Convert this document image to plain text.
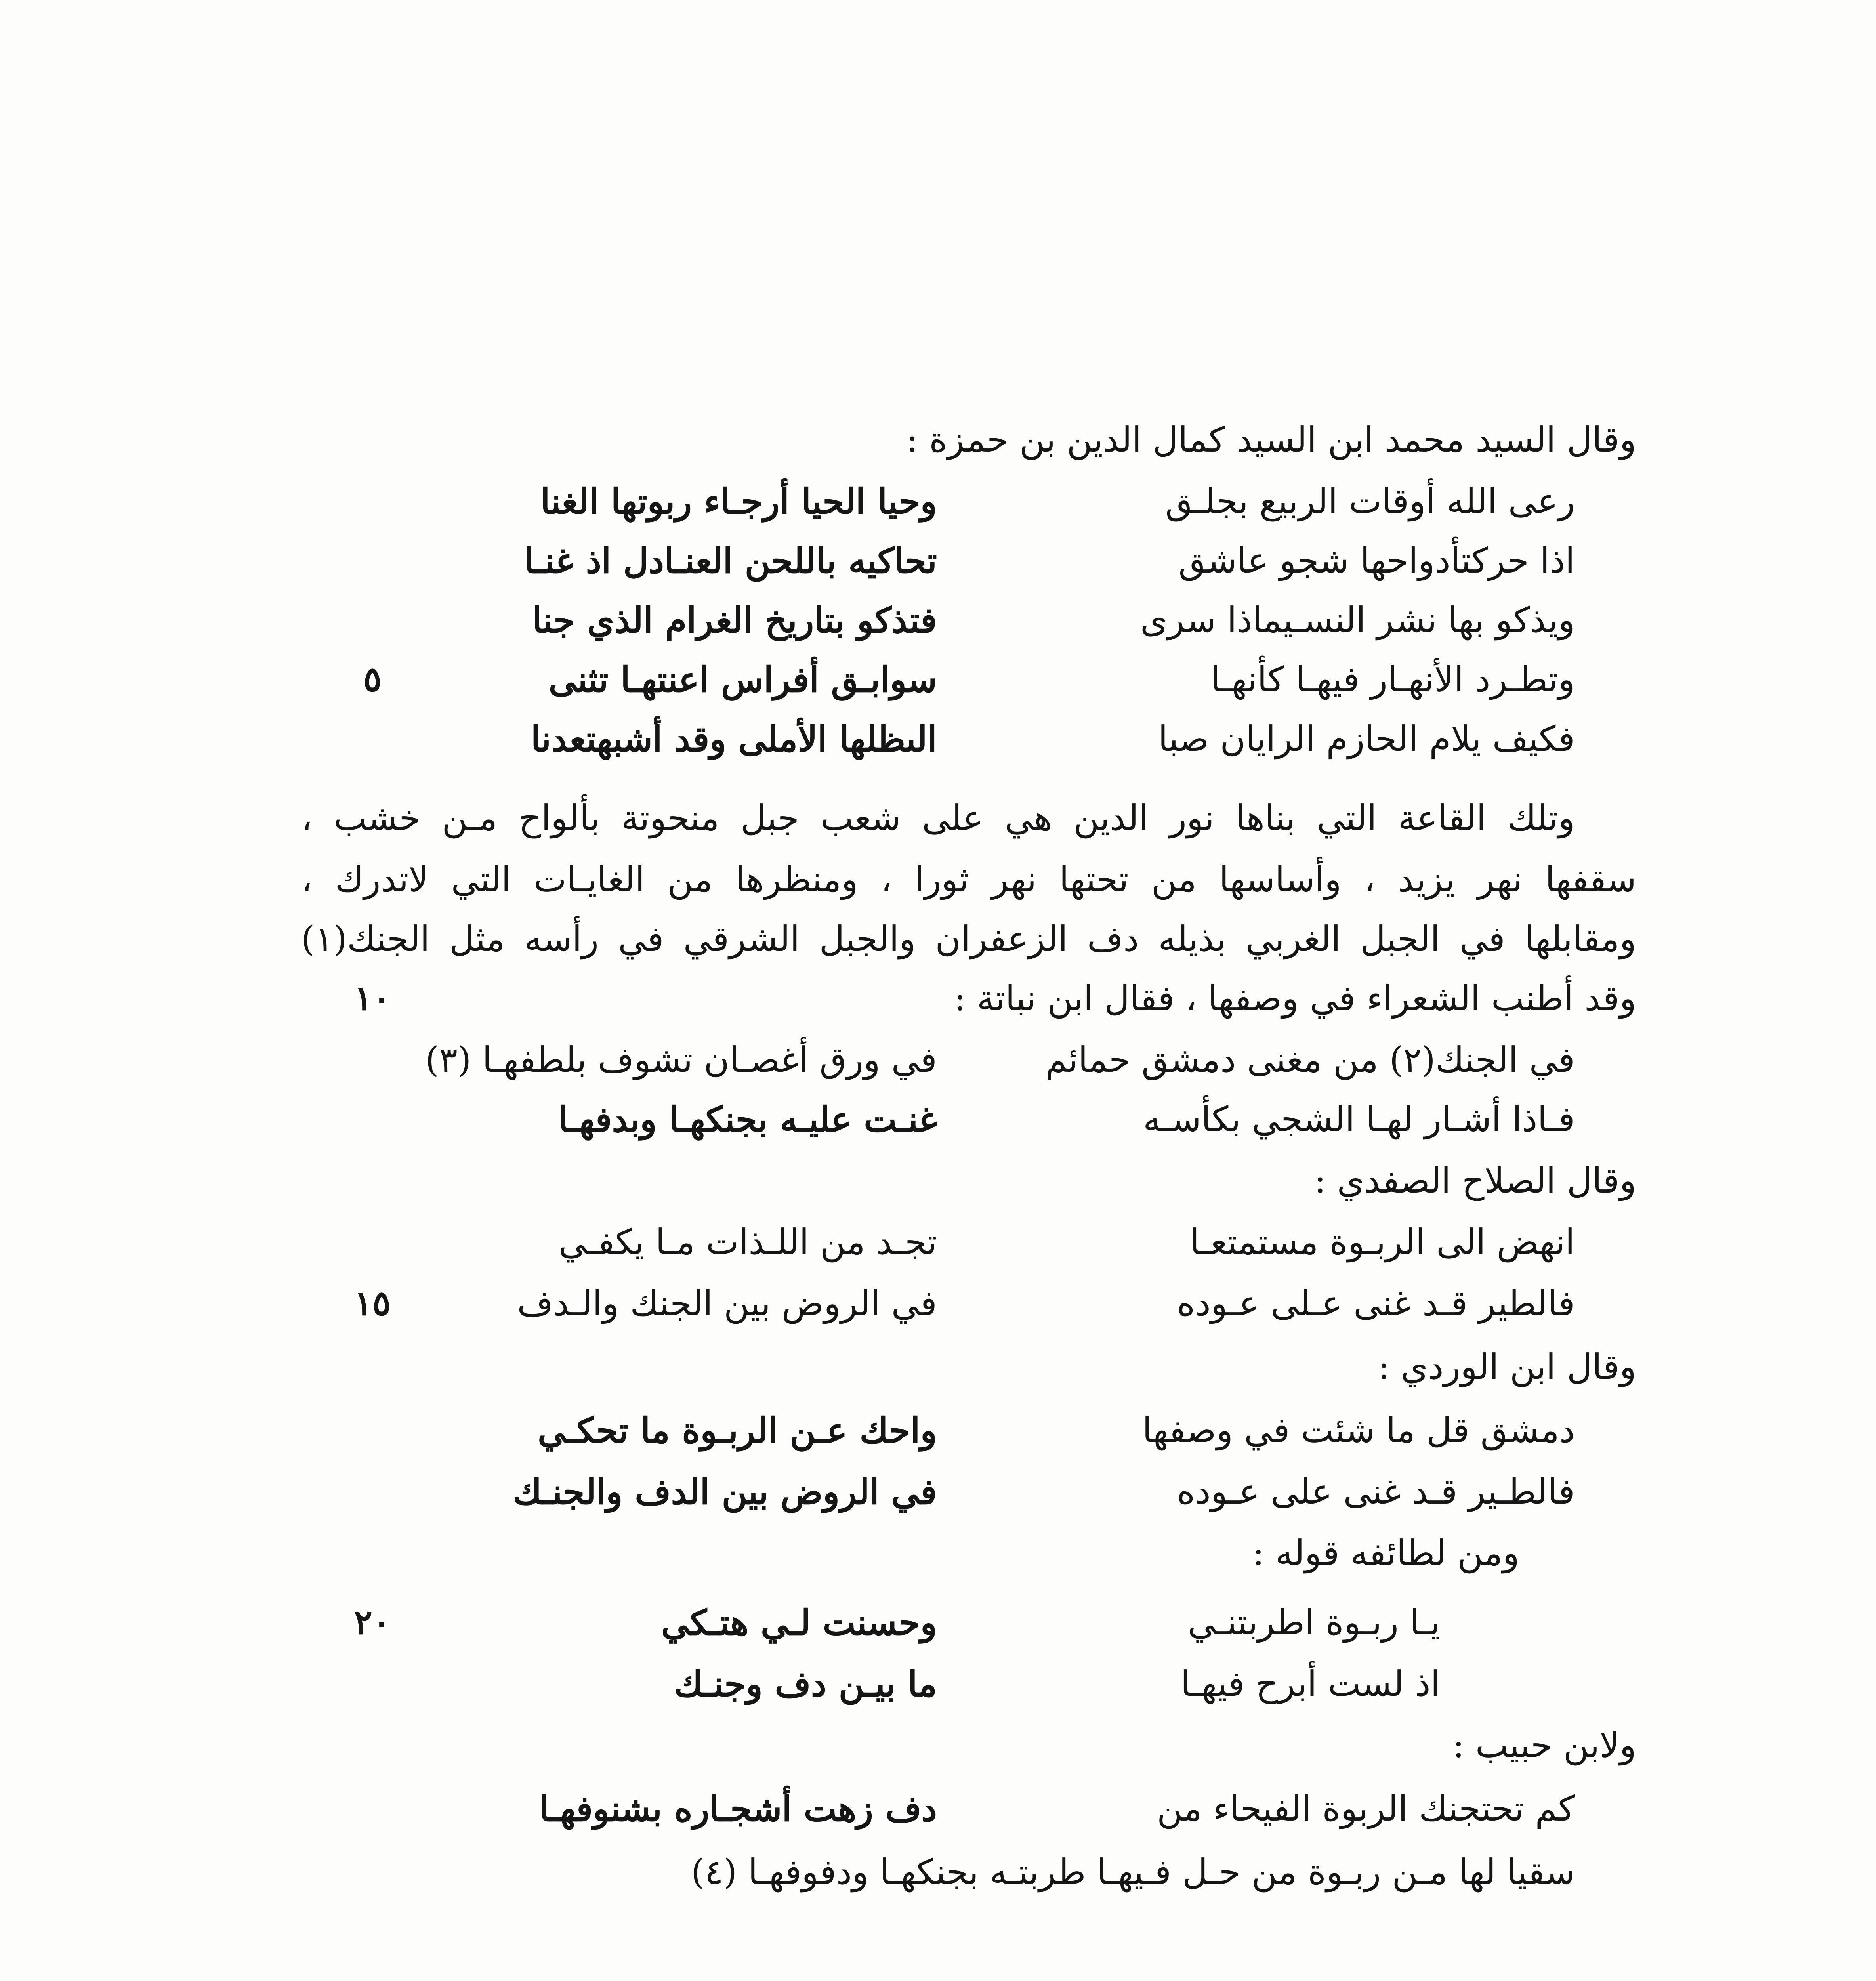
وقال السيد محمد ابن السيد كمال الدين بن حمزة :
رعى الله أوقات الربيع بجلـق
وحيا الحيا أرجـاء ربوتها الغنا
اذا حركتأدواحها شجو عاشق
تحاكيه باللحن العنـادل اذ غنـا
ويذكو بها نشر النسـيماذا سرى
فتذكو بتاريخ الغرام الذي جنا
وتطـرد الأنهـار فيهـا كأنهـا
سوابـق أفراس اعنتهـا تثنى
٥
فكيف يلام الحازم الرايان صبا
الىظلها الأملى وقد أشبهتعدنا
وتلك القاعة التي بناها نور الدين هي على شعب جبل منحوتة بألواح مـن خشب ،
سقفها نهر يزيد ، وأساسها من تحتها نهر ثورا ، ومنظرها من الغايـات التي لاتدرك ،
ومقابلها في الجبل الغربي بذيله دف الزعفران والجبل الشرقي في رأسه مثل الجنك(١)
وقد أطنب الشعراء في وصفها ، فقال ابن نباتة :
١٠
في الجنك(٢) من مغنى دمشق حمائم
في ورق أغصـان تشوف بلطفهـا (٣)
فـاذا أشـار لهـا الشجي بكأسـه
غنـت عليـه بجنكهـا وبدفهـا
وقال الصلاح الصفدي :
انهض الى الربـوة مستمتعـا
تجـد من اللـذات مـا يكفـي
فالطير قـد غنى عـلى عـوده
في الروض بين الجنك والـدف
١٥
وقال ابن الوردي :
دمشق قل ما شئت في وصفها
واحك عـن الربـوة ما تحكـي
فالطـير قـد غنى على عـوده
في الروض بين الدف والجنـك
ومن لطائفه قوله :
يـا ربـوة اطربتنـي
وحسنت لـي هتـكي
٢٠
اذ لست أبرح فيهـا
ما بيـن دف وجنـك
ولابن حبيب :
كم تحتجنك الربوة الفيحاء من
دف زهت أشجـاره بشنوفهـا
سقيا لها مـن ربـوة من حـل فـيهـا طربتـه بجنكهـا ودفوفهـا (٤)
